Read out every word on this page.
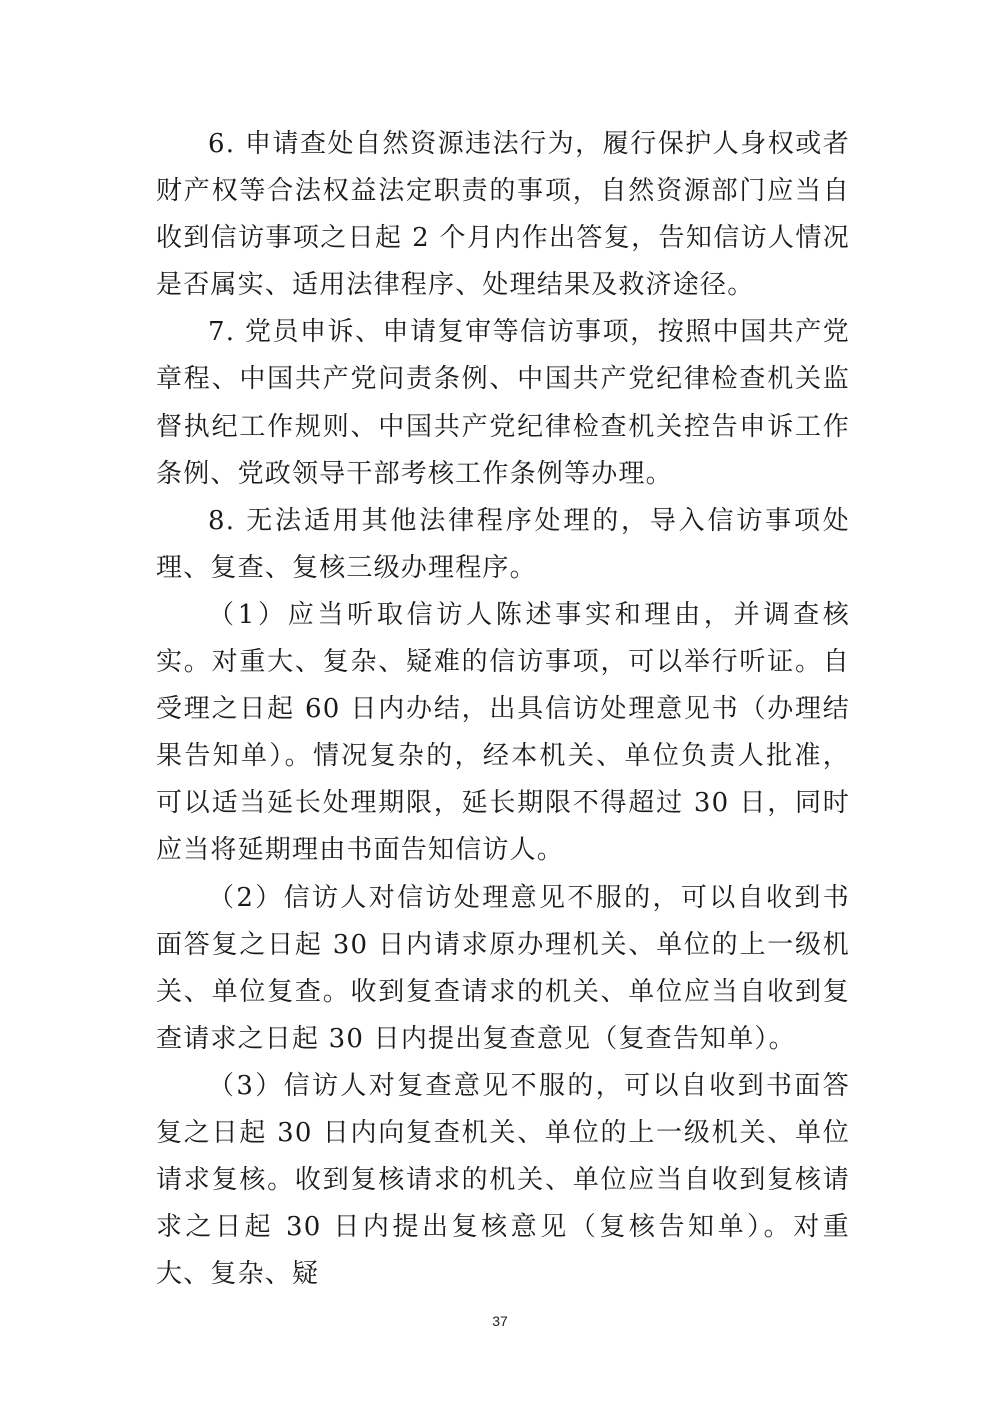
6. 申请查处自然资源违法行为，履行保护人身权或者财产权等合法权益法定职责的事项，自然资源部门应当自收到信访事项之日起 2 个月内作出答复，告知信访人情况是否属实、适用法律程序、处理结果及救济途径。

7. 党员申诉、申请复审等信访事项，按照中国共产党章程、中国共产党问责条例、中国共产党纪律检查机关监督执纪工作规则、中国共产党纪律检查机关控告申诉工作条例、党政领导干部考核工作条例等办理。

8. 无法适用其他法律程序处理的，导入信访事项处理、复查、复核三级办理程序。

（1）应当听取信访人陈述事实和理由，并调查核实。对重大、复杂、疑难的信访事项，可以举行听证。自受理之日起 60 日内办结，出具信访处理意见书（办理结果告知单）。情况复杂的，经本机关、单位负责人批准，可以适当延长处理期限，延长期限不得超过 30 日，同时应当将延期理由书面告知信访人。

（2）信访人对信访处理意见不服的，可以自收到书面答复之日起 30 日内请求原办理机关、单位的上一级机关、单位复查。收到复查请求的机关、单位应当自收到复查请求之日起 30 日内提出复查意见（复查告知单）。

（3）信访人对复查意见不服的，可以自收到书面答复之日起 30 日内向复查机关、单位的上一级机关、单位请求复核。收到复核请求的机关、单位应当自收到复核请求之日起 30 日内提出复核意见（复核告知单）。对重大、复杂、疑

37
